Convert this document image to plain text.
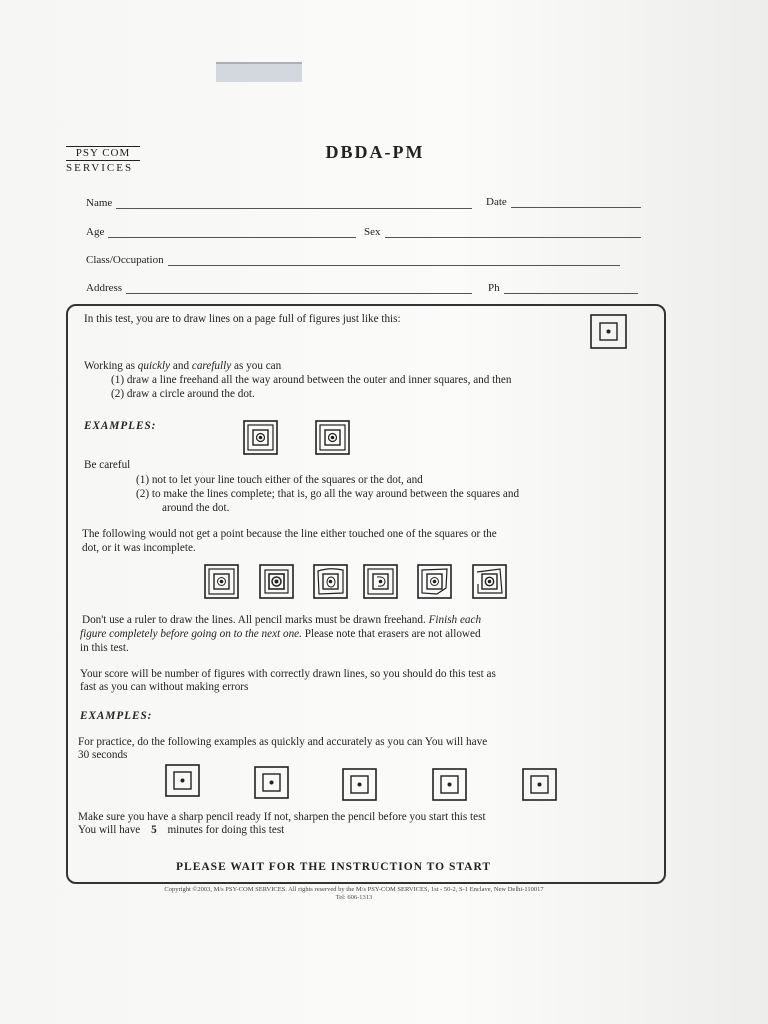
PSY COM
SERVICES
DBDA-PM
Name	Date
Age	Sex
Class/Occupation
Address	Ph
In this test, you are to draw lines on a page full of figures just like this:
Working as quickly and carefully as you can
(1) draw a line freehand all the way around between the outer and inner squares, and then
(2) draw a circle around the dot.
EXAMPLES:
Be careful
(1) not to let your line touch either of the squares or the dot, and
(2) to make the lines complete; that is, go all the way around between the squares and
around the dot.
The following would not get a point because the line either touched one of the squares or the
dot, or it was incomplete.
Don't use a ruler to draw the lines. All pencil marks must be drawn freehand. Finish each
figure completely before going on to the next one. Please note that erasers are not allowed
in this test.
Your score will be number of figures with correctly drawn lines, so you should do this test as
fast as you can without making errors
EXAMPLES:
For practice, do the following examples as quickly and accurately as you can You will have
30 seconds
Make sure you have a sharp pencil ready If not, sharpen the pencil before you start this test
You will have 5 minutes for doing this test
PLEASE WAIT FOR THE INSTRUCTION TO START
Copyright ©2003, M/s PSY-COM SERVICES. All rights reserved by the M/s PSY-COM SERVICES, 1st - 50-2, S-1 Enclave, New Delhi-110017
Tel: 606-1313
